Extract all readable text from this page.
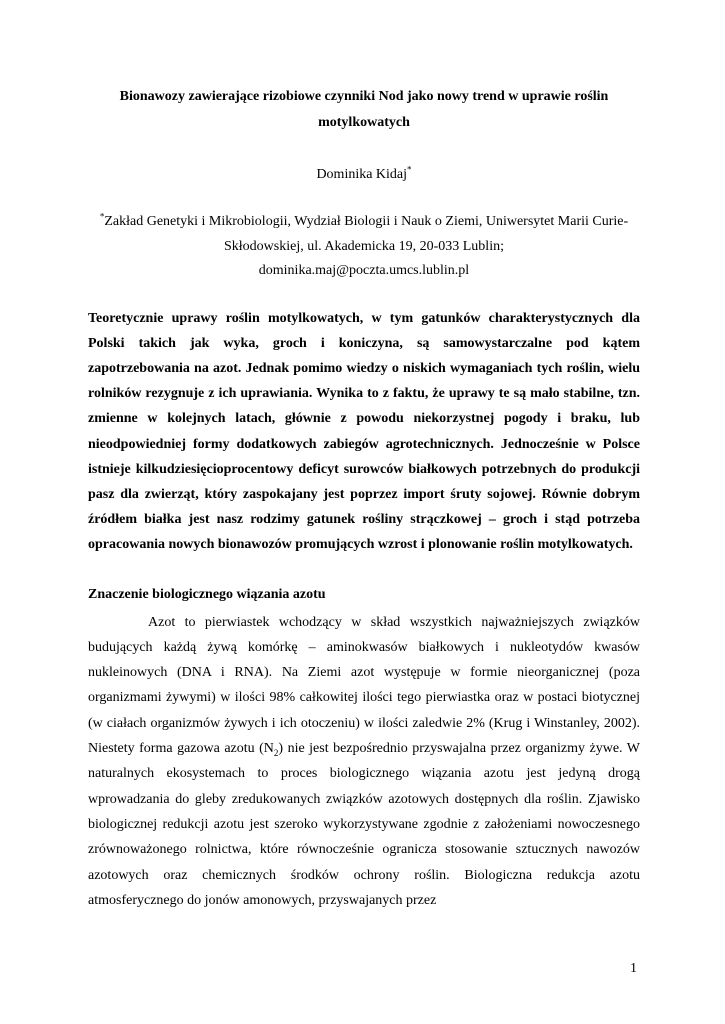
Bionawozy zawierające rizobiowe czynniki Nod jako nowy trend w uprawie roślin motylkowatych

Dominika Kidaj*
*Zakład Genetyki i Mikrobiologii, Wydział Biologii i Nauk o Ziemi, Uniwersytet Marii Curie-Skłodowskiej, ul. Akademicka 19, 20-033 Lublin;
dominika.maj@poczta.umcs.lublin.pl

Teoretycznie uprawy roślin motylkowatych, w tym gatunków charakterystycznych dla Polski takich jak wyka, groch i koniczyna, są samowystarczalne pod kątem zapotrzebowania na azot. Jednak pomimo wiedzy o niskich wymaganiach tych roślin, wielu rolników rezygnuje z ich uprawiania. Wynika to z faktu, że uprawy te są mało stabilne, tzn. zmienne w kolejnych latach, głównie z powodu niekorzystnej pogody i braku, lub nieodpowiedniej formy dodatkowych zabiegów agrotechnicznych. Jednocześnie w Polsce istnieje kilkudziesięcioprocentowy deficyt surowców białkowych potrzebnych do produkcji pasz dla zwierząt, który zaspokajany jest poprzez import śruty sojowej. Równie dobrym źródłem białka jest nasz rodzimy gatunek rośliny strączkowej – groch i stąd potrzeba opracowania nowych bionawozów promujących wzrost i plonowanie roślin motylkowatych.

Znaczenie biologicznego wiązania azotu

Azot to pierwiastek wchodzący w skład wszystkich najważniejszych związków budujących każdą żywą komórkę – aminokwasów białkowych i nukleotydów kwasów nukleinowych (DNA i RNA). Na Ziemi azot występuje w formie nieorganicznej (poza organizmami żywymi) w ilości 98% całkowitej ilości tego pierwiastka oraz w postaci biotycznej (w ciałach organizmów żywych i ich otoczeniu) w ilości zaledwie 2% (Krug i Winstanley, 2002). Niestety forma gazowa azotu $(N_2)$ nie jest bezpośrednio przyswajalna przez organizmy żywe. W naturalnych ekosystemach to proces biologicznego wiązania azotu jest jedyną drogą wprowadzania do gleby zredukowanych związków azotowych dostępnych dla roślin. Zjawisko biologicznej redukcji azotu jest szeroko wykorzystywane zgodnie z założeniami nowoczesnego zrównoważonego rolnictwa, które równocześnie ogranicza stosowanie sztucznych nawozów azotowych oraz chemicznych środków ochrony roślin. Biologiczna redukcja azotu atmosferycznego do jonów amonowych, przyswajanych przez

1
